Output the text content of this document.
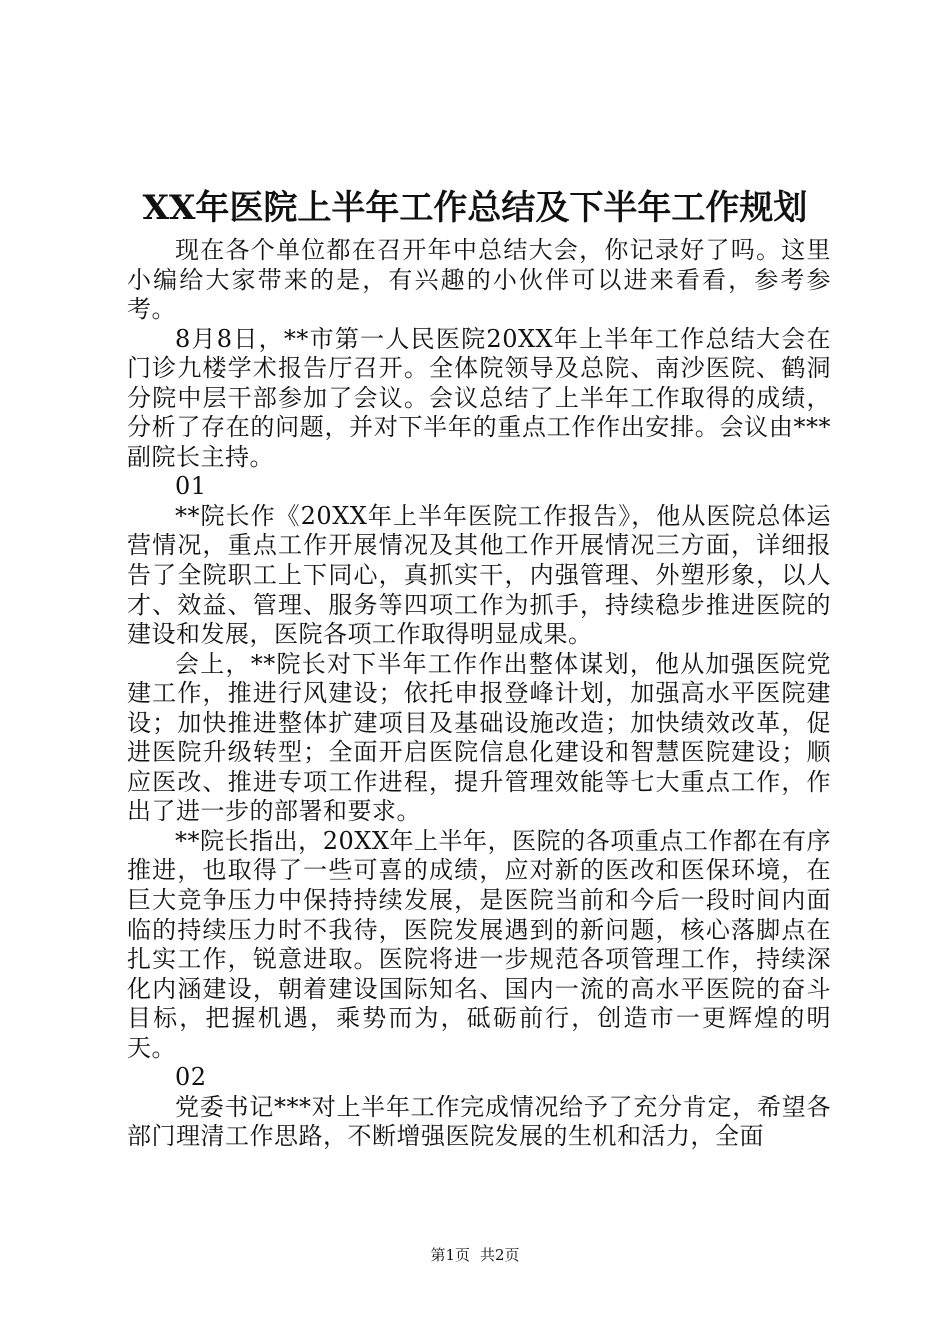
XX年医院上半年工作总结及下半年工作规划

现在各个单位都在召开年中总结大会，你记录好了吗。这里小编给大家带来的是，有兴趣的小伙伴可以进来看看，参考参考。

8月8日，**市第一人民医院20XX年上半年工作总结大会在门诊九楼学术报告厅召开。全体院领导及总院、南沙医院、鹤洞分院中层干部参加了会议。会议总结了上半年工作取得的成绩，分析了存在的问题，并对下半年的重点工作作出安排。会议由***副院长主持。

01

**院长作《20XX年上半年医院工作报告》，他从医院总体运营情况，重点工作开展情况及其他工作开展情况三方面，详细报告了全院职工上下同心，真抓实干，内强管理、外塑形象，以人才、效益、管理、服务等四项工作为抓手，持续稳步推进医院的建设和发展，医院各项工作取得明显成果。

会上，**院长对下半年工作作出整体谋划，他从加强医院党建工作，推进行风建设；依托申报登峰计划，加强高水平医院建设；加快推进整体扩建项目及基础设施改造；加快绩效改革，促进医院升级转型；全面开启医院信息化建设和智慧医院建设；顺应医改、推进专项工作进程，提升管理效能等七大重点工作，作出了进一步的部署和要求。

**院长指出，20XX年上半年，医院的各项重点工作都在有序推进，也取得了一些可喜的成绩，应对新的医改和医保环境，在巨大竞争压力中保持持续发展，是医院当前和今后一段时间内面临的持续压力时不我待，医院发展遇到的新问题，核心落脚点在扎实工作，锐意进取。医院将进一步规范各项管理工作，持续深化内涵建设，朝着建设国际知名、国内一流的高水平医院的奋斗目标，把握机遇，乘势而为，砥砺前行，创造市一更辉煌的明天。

02

党委书记***对上半年工作完成情况给予了充分肯定，希望各部门理清工作思路，不断增强医院发展的生机和活力，全面

第1页 共2页
